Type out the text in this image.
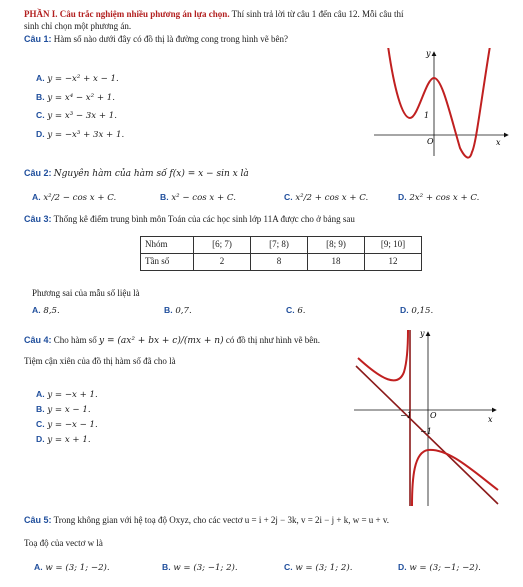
PHẦN I. Câu trắc nghiệm nhiều phương án lựa chọn. Thí sinh trả lời từ câu 1 đến câu 12. Mỗi câu thí
sinh chỉ chọn một phương án.
Câu 1: Hàm số nào dưới đây có đồ thị là đường cong trong hình vẽ bên?
A. y = −x² + x − 1.
B. y = x⁴ − x² + 1.
C. y = x³ − 3x + 1.
D. y = −x³ + 3x + 1.
y
x
O
1
Câu 2: Nguyên hàm của hàm số f(x) = x − sin x là
A. x²/2 − cos x + C.	B. x² − cos x + C.	C. x²/2 + cos x + C.	D. 2x² + cos x + C.
Câu 3: Thống kê điểm trung bình môn Toán của các học sinh lớp 11A được cho ở bảng sau
Nhóm	[6; 7)	[7; 8)	[8; 9)	[9; 10]
Tần số	2	8	18	12
Phương sai của mẫu số liệu là
A. 8,5.	B. 0,7.	C. 6.	D. 0,15.
Câu 4: Cho hàm số y = (ax² + bx + c)/(mx + n) có đồ thị như hình vẽ bên.
Tiệm cận xiên của đồ thị hàm số đã cho là
A. y = −x + 1.
B. y = x − 1.
C. y = −x − 1.
D. y = x + 1.
y
x
O
−1
−1
Câu 5: Trong không gian với hệ toạ độ Oxyz, cho các vectơ u = i + 2j − 3k, v = 2i − j + k, w = u + v.
Toạ độ của vectơ w là
A. w = (3; 1; −2).	B. w = (3; −1; 2).	C. w = (3; 1; 2).	D. w = (3; −1; −2).
